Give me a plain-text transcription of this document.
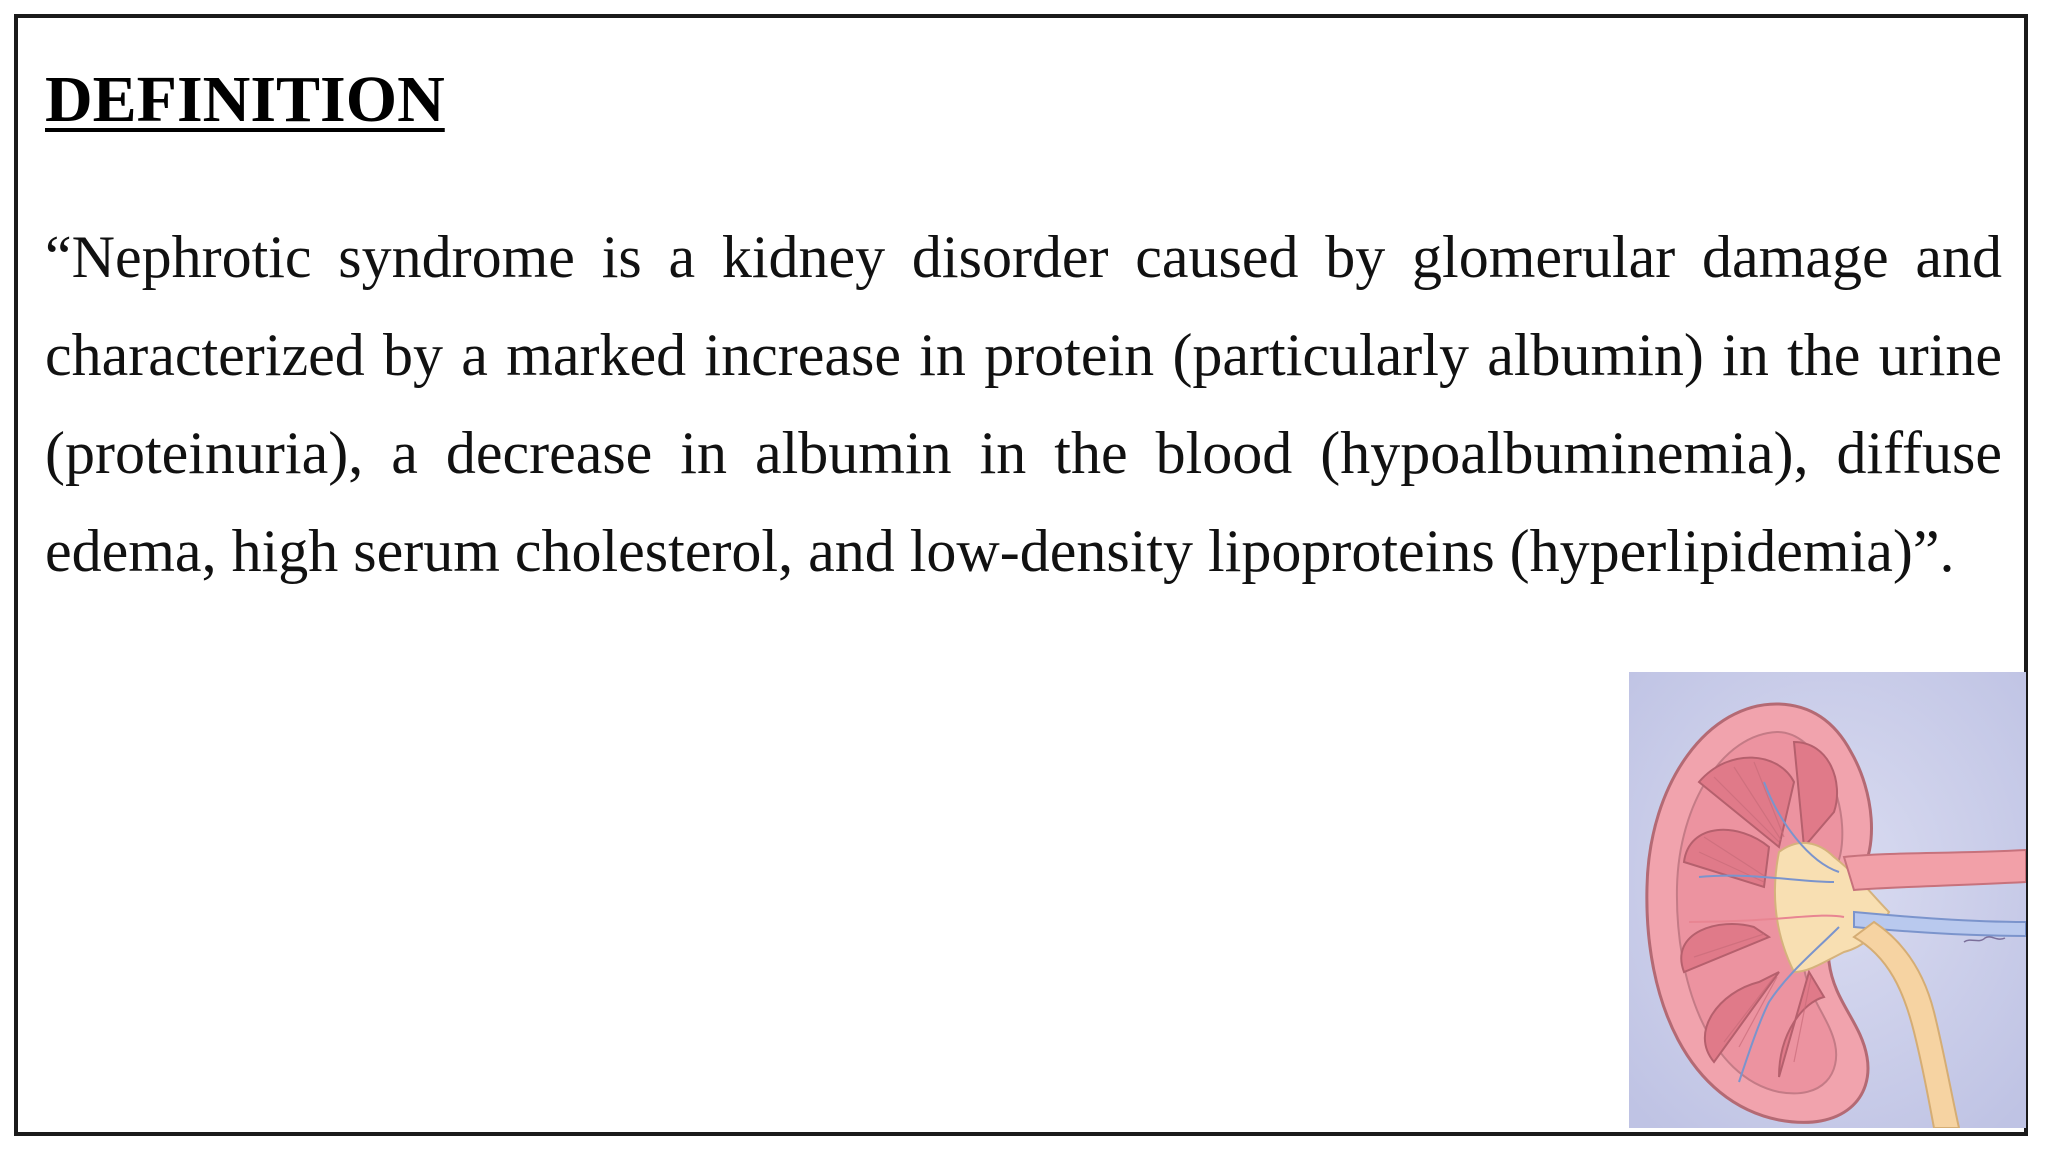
DEFINITION

“Nephrotic syndrome is a kidney disorder caused by glomerular damage and characterized by a marked increase in protein (particularly albumin) in the urine (proteinuria), a decrease in albumin in the blood (hypoalbuminemia), diffuse edema, high serum cholesterol, and low-density lipoproteins (hyperlipidemia)”.
